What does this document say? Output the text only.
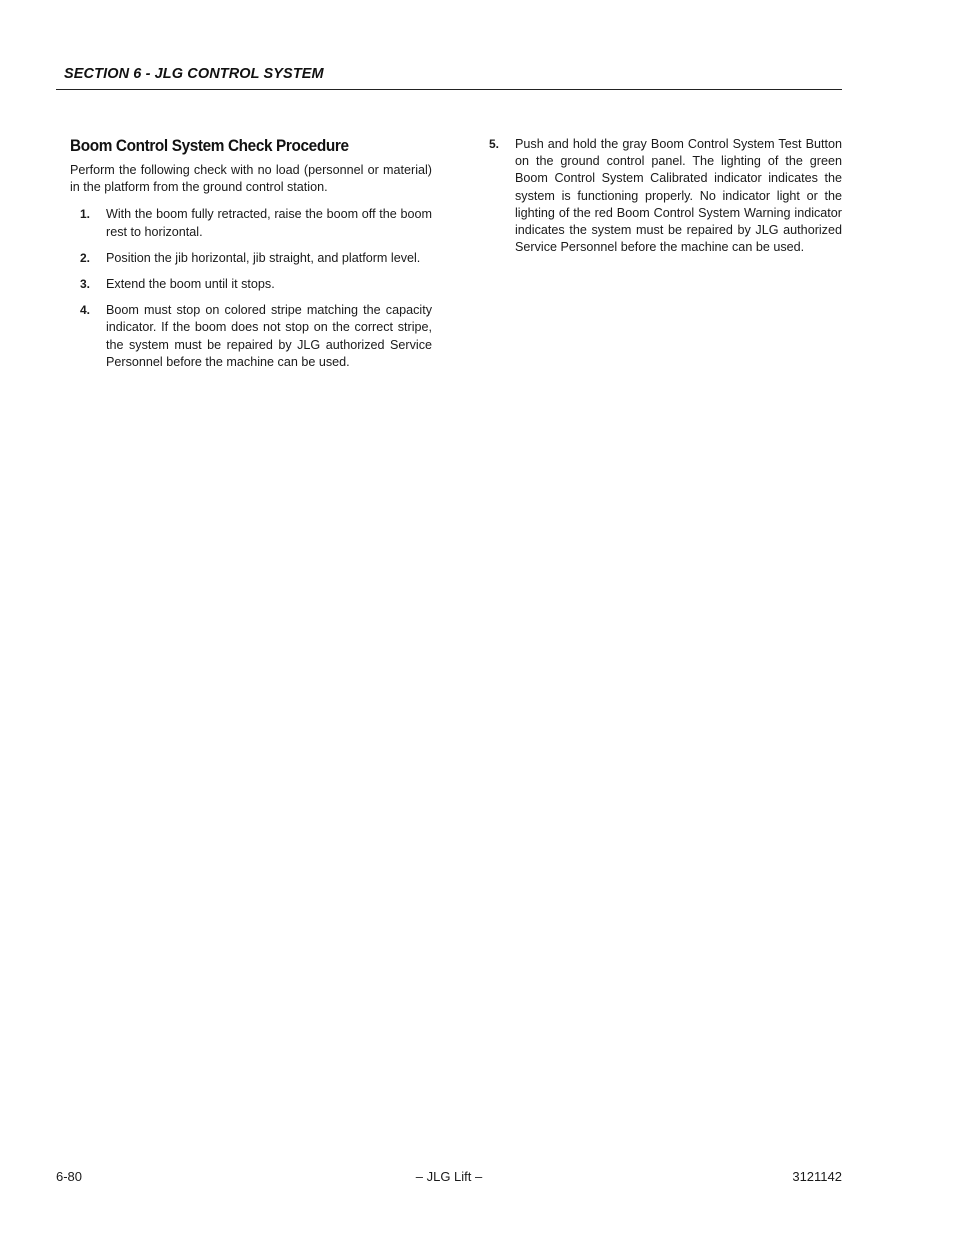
SECTION 6 - JLG CONTROL SYSTEM
Boom Control System Check Procedure

Perform the following check with no load (personnel or material) in the platform from the ground control station.

1. With the boom fully retracted, raise the boom off the boom rest to horizontal.
2. Position the jib horizontal, jib straight, and platform level.
3. Extend the boom until it stops.
4. Boom must stop on colored stripe matching the capacity indicator. If the boom does not stop on the correct stripe, the system must be repaired by JLG authorized Service Personnel before the machine can be used.
5. Push and hold the gray Boom Control System Test Button on the ground control panel. The lighting of the green Boom Control System Calibrated indicator indicates the system is functioning properly. No indicator light or the lighting of the red Boom Control System Warning indicator indicates the system must be repaired by JLG authorized Service Personnel before the machine can be used.
6-80	– JLG Lift –	3121142
